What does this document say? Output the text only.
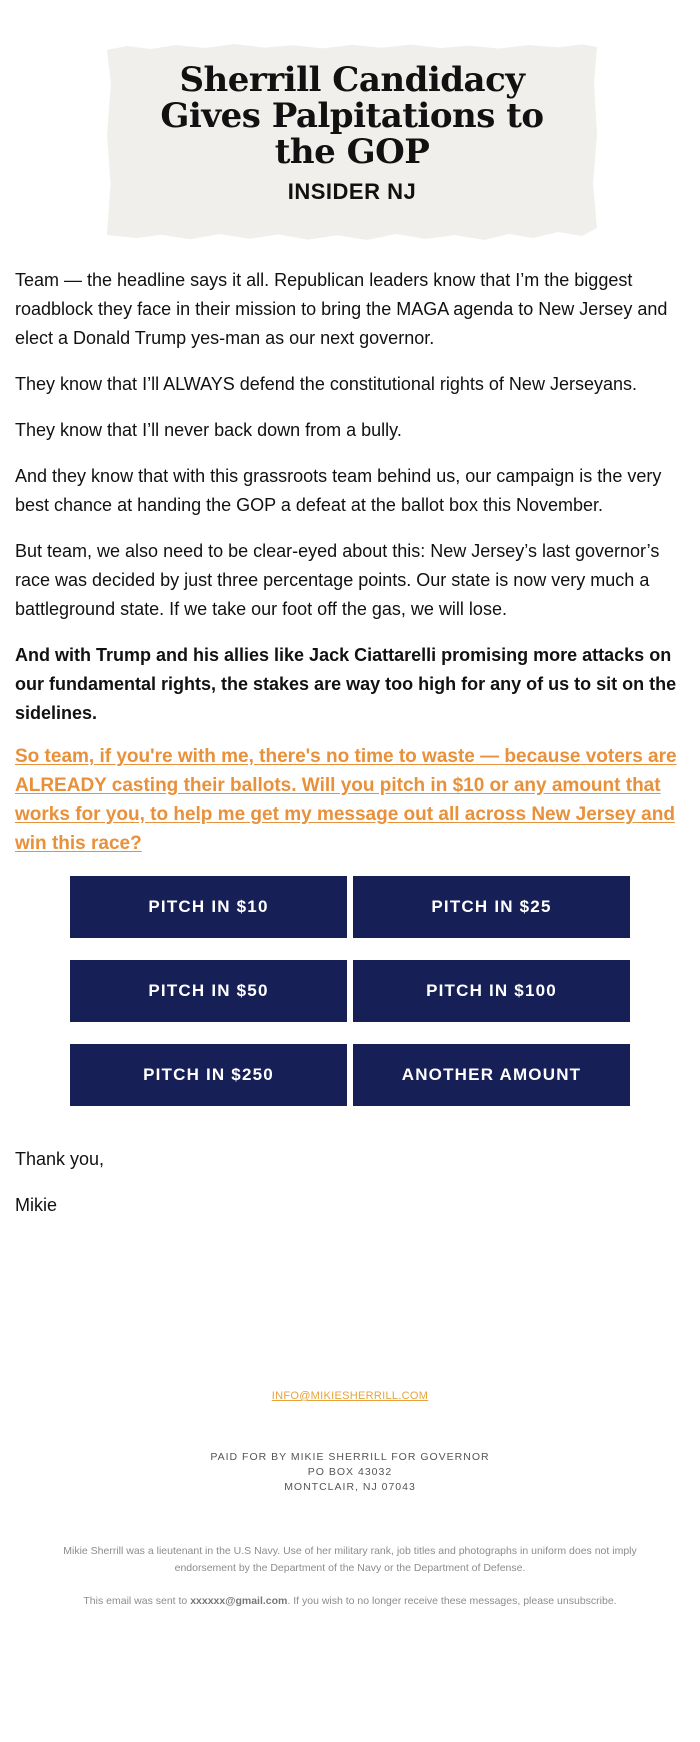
Sherrill Candidacy
Gives Palpitations to
the GOP
INSIDER NJ

Team — the headline says it all. Republican leaders know that I’m the biggest roadblock they face in their mission to bring the MAGA agenda to New Jersey and elect a Donald Trump yes-man as our next governor.

They know that I’ll ALWAYS defend the constitutional rights of New Jerseyans.

They know that I’ll never back down from a bully.

And they know that with this grassroots team behind us, our campaign is the very best chance at handing the GOP a defeat at the ballot box this November.

But team, we also need to be clear-eyed about this: New Jersey’s last governor’s race was decided by just three percentage points. Our state is now very much a battleground state. If we take our foot off the gas, we will lose.

And with Trump and his allies like Jack Ciattarelli promising more attacks on our fundamental rights, the stakes are way too high for any of us to sit on the sidelines.

So team, if you're with me, there's no time to waste — because voters are ALREADY casting their ballots. Will you pitch in $10 or any amount that works for you, to help me get my message out all across New Jersey and win this race?

PITCH IN $10	PITCH IN $25
PITCH IN $50	PITCH IN $100
PITCH IN $250	ANOTHER AMOUNT

Thank you,

Mikie

INFO@MIKIESHERRILL.COM
PAID FOR BY MIKIE SHERRILL FOR GOVERNOR
PO BOX 43032
MONTCLAIR, NJ 07043
Mikie Sherrill was a lieutenant in the U.S Navy. Use of her military rank, job titles and photographs in uniform does not imply endorsement by the Department of the Navy or the Department of Defense.
This email was sent to xxxxxx@gmail.com. If you wish to no longer receive these messages, please unsubscribe.
